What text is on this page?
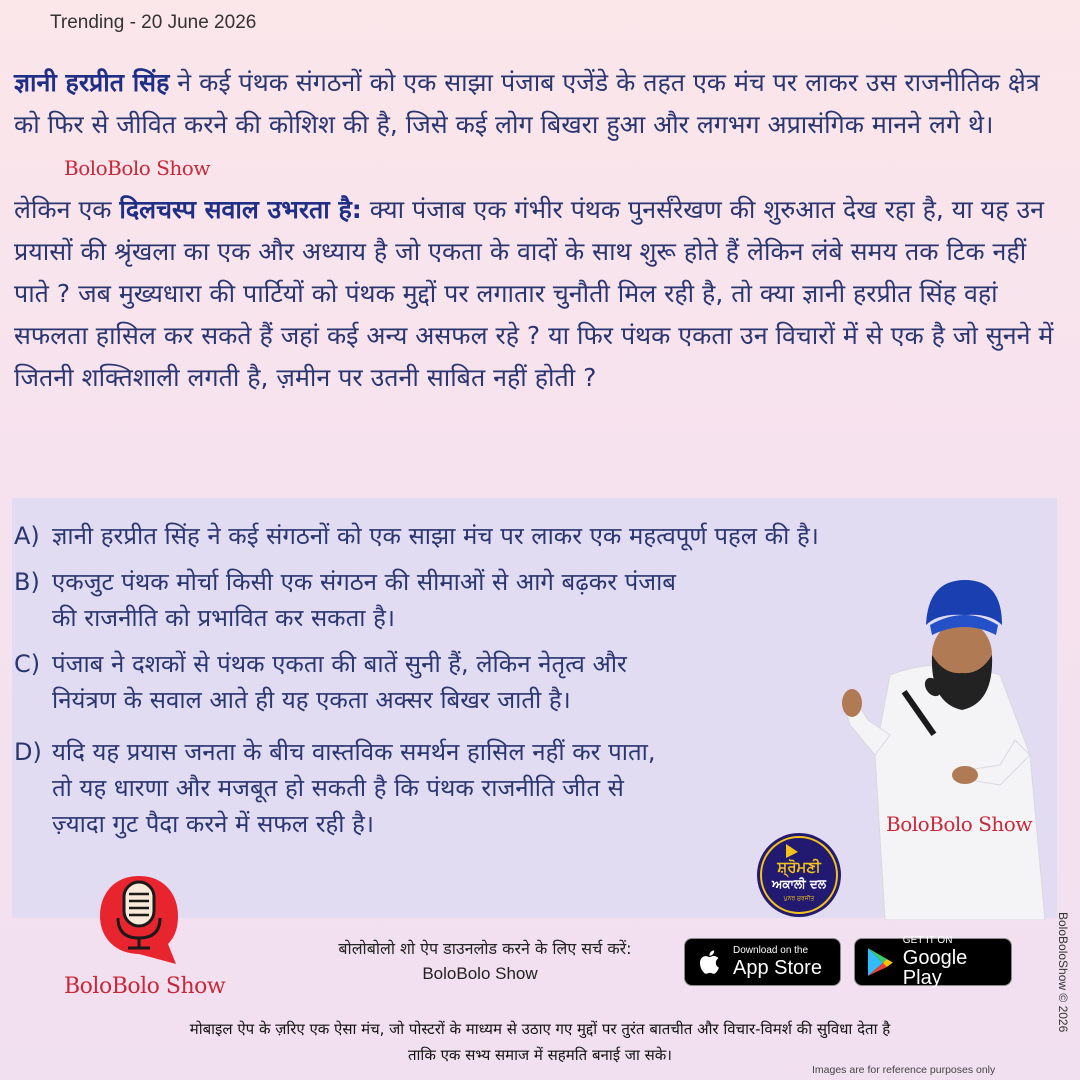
Trending - 20 June 2026
ज्ञानी हरप्रीत सिंह ने कई पंथक संगठनों को एक साझा पंजाब एजेंडे के तहत एक मंच पर लाकर उस राजनीतिक क्षेत्र को फिर से जीवित करने की कोशिश की है, जिसे कई लोग बिखरा हुआ और लगभग अप्रासंगिक मानने लगे थे।BoloBolo Show
लेकिन एक दिलचस्प सवाल उभरता है: क्या पंजाब एक गंभीर पंथक पुनर्संरेखण की शुरुआत देख रहा है, या यह उन प्रयासों की श्रृंखला का एक और अध्याय है जो एकता के वादों के साथ शुरू होते हैं लेकिन लंबे समय तक टिक नहीं पाते ? जब मुख्यधारा की पार्टियों को पंथक मुद्दों पर लगातार चुनौती मिल रही है, तो क्या ज्ञानी हरप्रीत सिंह वहां सफलता हासिल कर सकते हैं जहां कई अन्य असफल रहे ? या फिर पंथक एकता उन विचारों में से एक है जो सुनने में जितनी शक्तिशाली लगती है, ज़मीन पर उतनी साबित नहीं होती ?
A) ज्ञानी हरप्रीत सिंह ने कई संगठनों को एक साझा मंच पर लाकर एक महत्वपूर्ण पहल की है।
B) एकजुट पंथक मोर्चा किसी एक संगठन की सीमाओं से आगे बढ़कर पंजाब
की राजनीति को प्रभावित कर सकता है।
C) पंजाब ने दशकों से पंथक एकता की बातें सुनी हैं, लेकिन नेतृत्व और
नियंत्रण के सवाल आते ही यह एकता अक्सर बिखर जाती है।
D) यदि यह प्रयास जनता के बीच वास्तविक समर्थन हासिल नहीं कर पाता,
तो यह धारणा और मजबूत हो सकती है कि पंथक राजनीति जीत से
ज़्यादा गुट पैदा करने में सफल रही है।	BoloBolo Show
ਸ਼੍ਰੋਮਣੀ
ਅਕਾਲੀ ਦਲ
ਪੁਨਰ ਸੁਰਜੀਤ
BoloBolo Show
बोलोबोलो शो ऐप डाउनलोड करने के लिए सर्च करें:
BoloBolo Show
Download on the
App Store
GET IT ON
Google Play
मोबाइल ऐप के ज़रिए एक ऐसा मंच, जो पोस्टरों के माध्यम से उठाए गए मुद्दों पर तुरंत बातचीत और विचार-विमर्श की सुविधा देता है
ताकि एक सभ्य समाज में सहमति बनाई जा सके।
Images are for reference purposes only
BoloBoloShow © 2026
